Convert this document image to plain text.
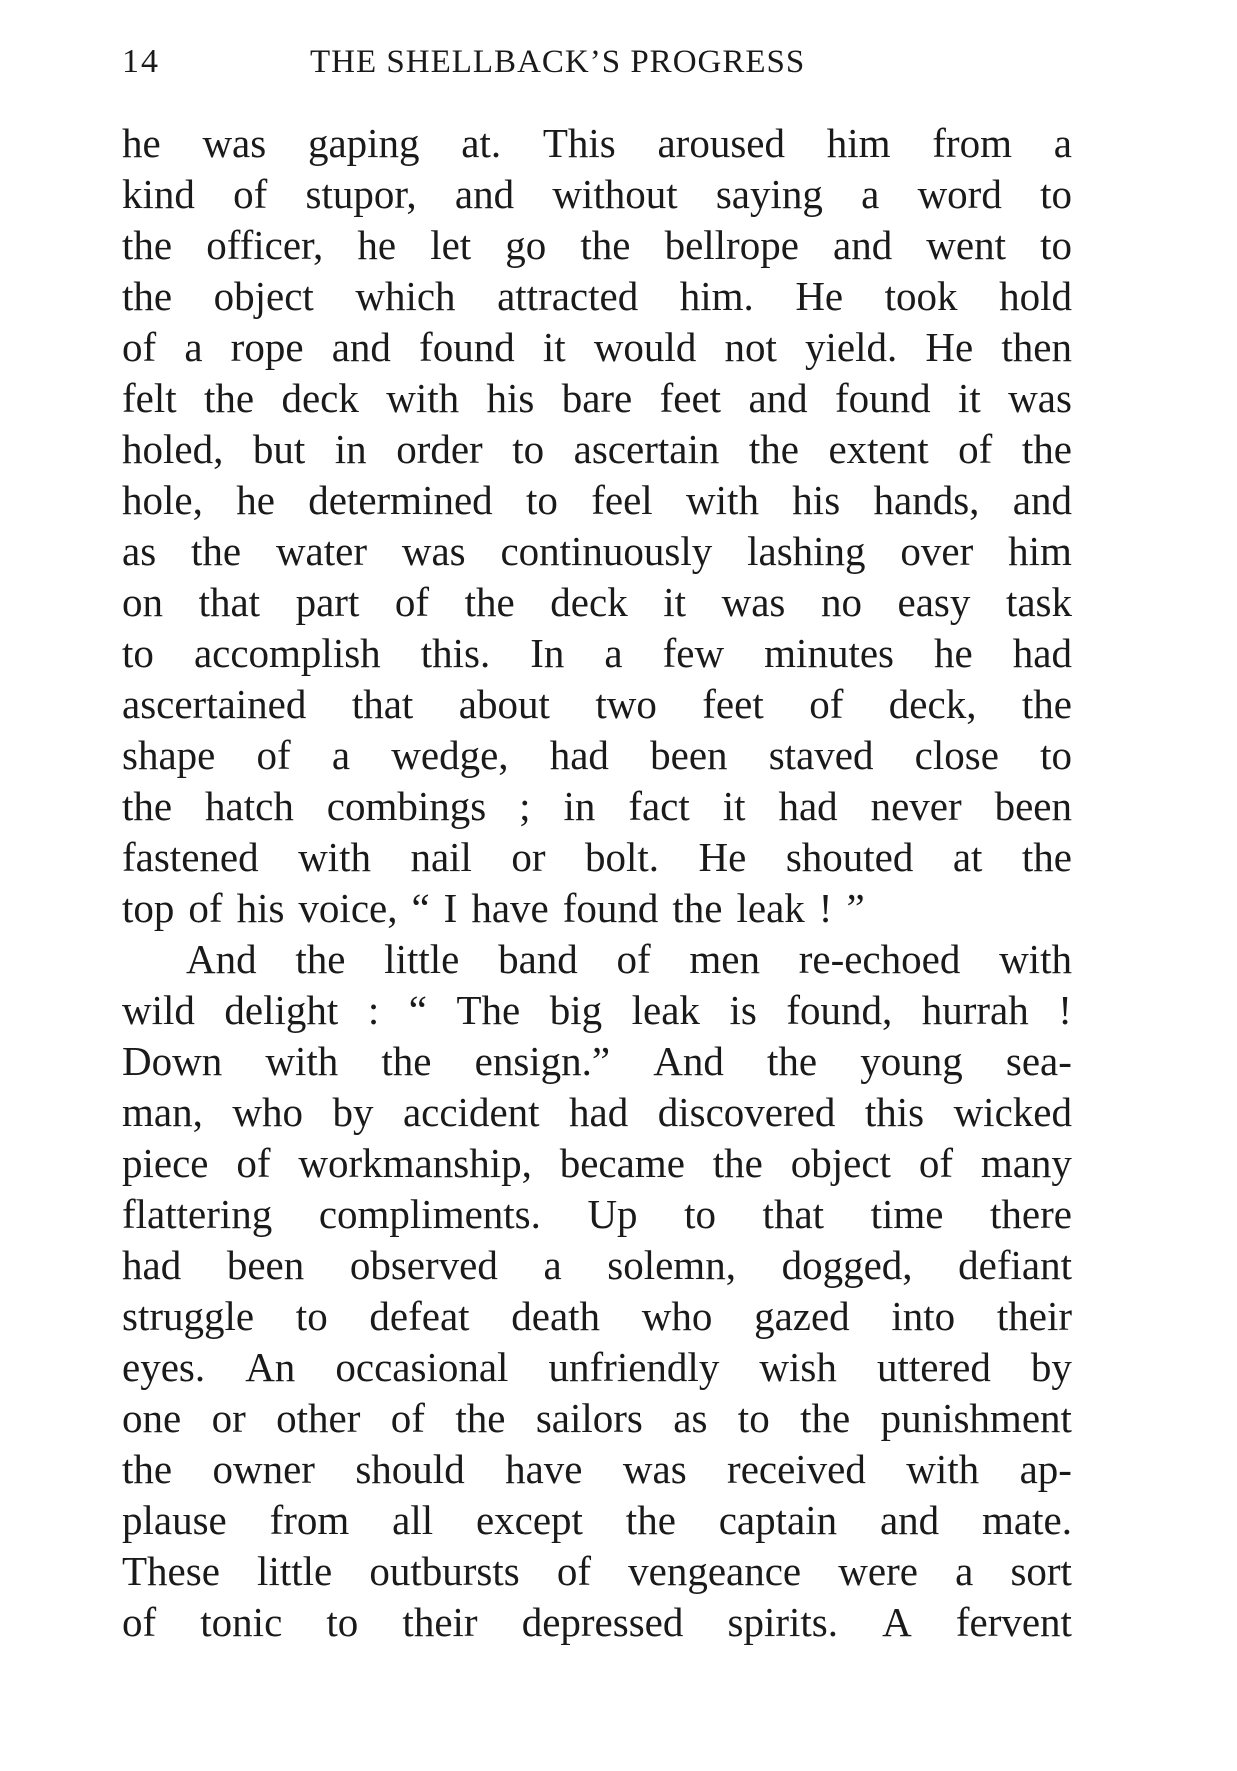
14	THE SHELLBACK’S PROGRESS
he was gaping at. This aroused him from a
kind of stupor, and without saying a word to
the officer, he let go the bellrope and went to
the object which attracted him. He took hold
of a rope and found it would not yield. He then
felt the deck with his bare feet and found it was
holed, but in order to ascertain the extent of the
hole, he determined to feel with his hands, and
as the water was continuously lashing over him
on that part of the deck it was no easy task
to accomplish this. In a few minutes he had
ascertained that about two feet of deck, the
shape of a wedge, had been staved close to
the hatch combings ; in fact it had never been
fastened with nail or bolt. He shouted at the
top of his voice, “ I have found the leak ! ”
And the little band of men re-echoed with
wild delight : “ The big leak is found, hurrah !
Down with the ensign.” And the young sea-
man, who by accident had discovered this wicked
piece of workmanship, became the object of many
flattering compliments. Up to that time there
had been observed a solemn, dogged, defiant
struggle to defeat death who gazed into their
eyes. An occasional unfriendly wish uttered by
one or other of the sailors as to the punishment
the owner should have was received with ap-
plause from all except the captain and mate.
These little outbursts of vengeance were a sort
of tonic to their depressed spirits. A fervent
